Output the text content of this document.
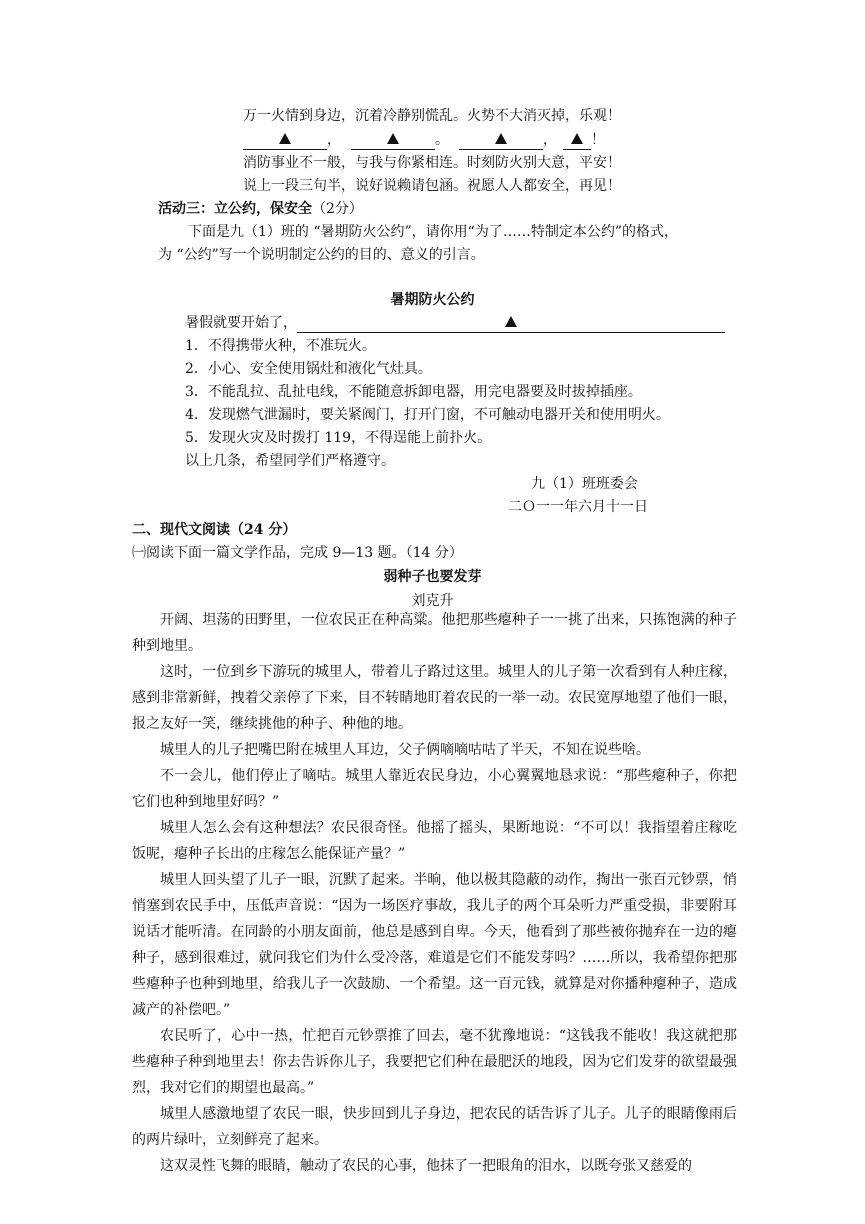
万一火情到身边，沉着冷静别慌乱。火势不大消灭掉，乐观！
，	。	， ！
消防事业不一般，与我与你紧相连。时刻防火别大意，平安！
说上一段三句半，说好说赖请包涵。祝愿人人都安全，再见！
活动三：立公约，保安全（2分）
下面是九（1）班的 “暑期防火公约”，请你用“为了……特制定本公约”的格式，
为 “公约”写一个说明制定公约的目的、意义的引言。
暑期防火公约
暑假就要开始了，
1．不得携带火种，不准玩火。
2．小心、安全使用锅灶和液化气灶具。
3．不能乱拉、乱扯电线，不能随意拆卸电器，用完电器要及时拔掉插座。
4．发现燃气泄漏时，要关紧阀门，打开门窗，不可触动电器开关和使用明火。
5．发现火灾及时拨打 119，不得逞能上前扑火。
以上几条，希望同学们严格遵守。
九（1）班班委会
二Ｏ一一年六月十一日
二、现代文阅读（24 分）
㈠阅读下面一篇文学作品，完成 9—13 题。（14 分）
弱种子也要发芽
刘克升

开阔、坦荡的田野里，一位农民正在种高粱。他把那些瘪种子一一挑了出来，只拣饱满的种子种到地里。

这时，一位到乡下游玩的城里人，带着儿子路过这里。城里人的儿子第一次看到有人种庄稼，感到非常新鲜，拽着父亲停了下来，目不转睛地盯着农民的一举一动。农民宽厚地望了他们一眼，报之友好一笑，继续挑他的种子、种他的地。

城里人的儿子把嘴巴附在城里人耳边，父子俩嘀嘀咕咕了半天，不知在说些啥。

不一会儿，他们停止了嘀咕。城里人靠近农民身边，小心翼翼地恳求说：“那些瘪种子，你把它们也种到地里好吗？”

城里人怎么会有这种想法？农民很奇怪。他摇了摇头，果断地说：“不可以！我指望着庄稼吃饭呢，瘪种子长出的庄稼怎么能保证产量？”

城里人回头望了儿子一眼，沉默了起来。半晌，他以极其隐蔽的动作，掏出一张百元钞票，悄悄塞到农民手中，压低声音说：“因为一场医疗事故，我儿子的两个耳朵听力严重受损，非要附耳说话才能听清。在同龄的小朋友面前，他总是感到自卑。今天，他看到了那些被你抛弃在一边的瘪种子，感到很难过，就问我它们为什么受冷落，难道是它们不能发芽吗？……所以，我希望你把那些瘪种子也种到地里，给我儿子一次鼓励、一个希望。这一百元钱，就算是对你播种瘪种子，造成减产的补偿吧。”

农民听了，心中一热，忙把百元钞票推了回去，毫不犹豫地说：“这钱我不能收！我这就把那些瘪种子种到地里去！你去告诉你儿子，我要把它们种在最肥沃的地段，因为它们发芽的欲望最强烈，我对它们的期望也最高。”

城里人感激地望了农民一眼，快步回到儿子身边，把农民的话告诉了儿子。儿子的眼睛像雨后的两片绿叶，立刻鲜亮了起来。

这双灵性飞舞的眼睛，触动了农民的心事，他抹了一把眼角的泪水，以既夸张又慈爱的
